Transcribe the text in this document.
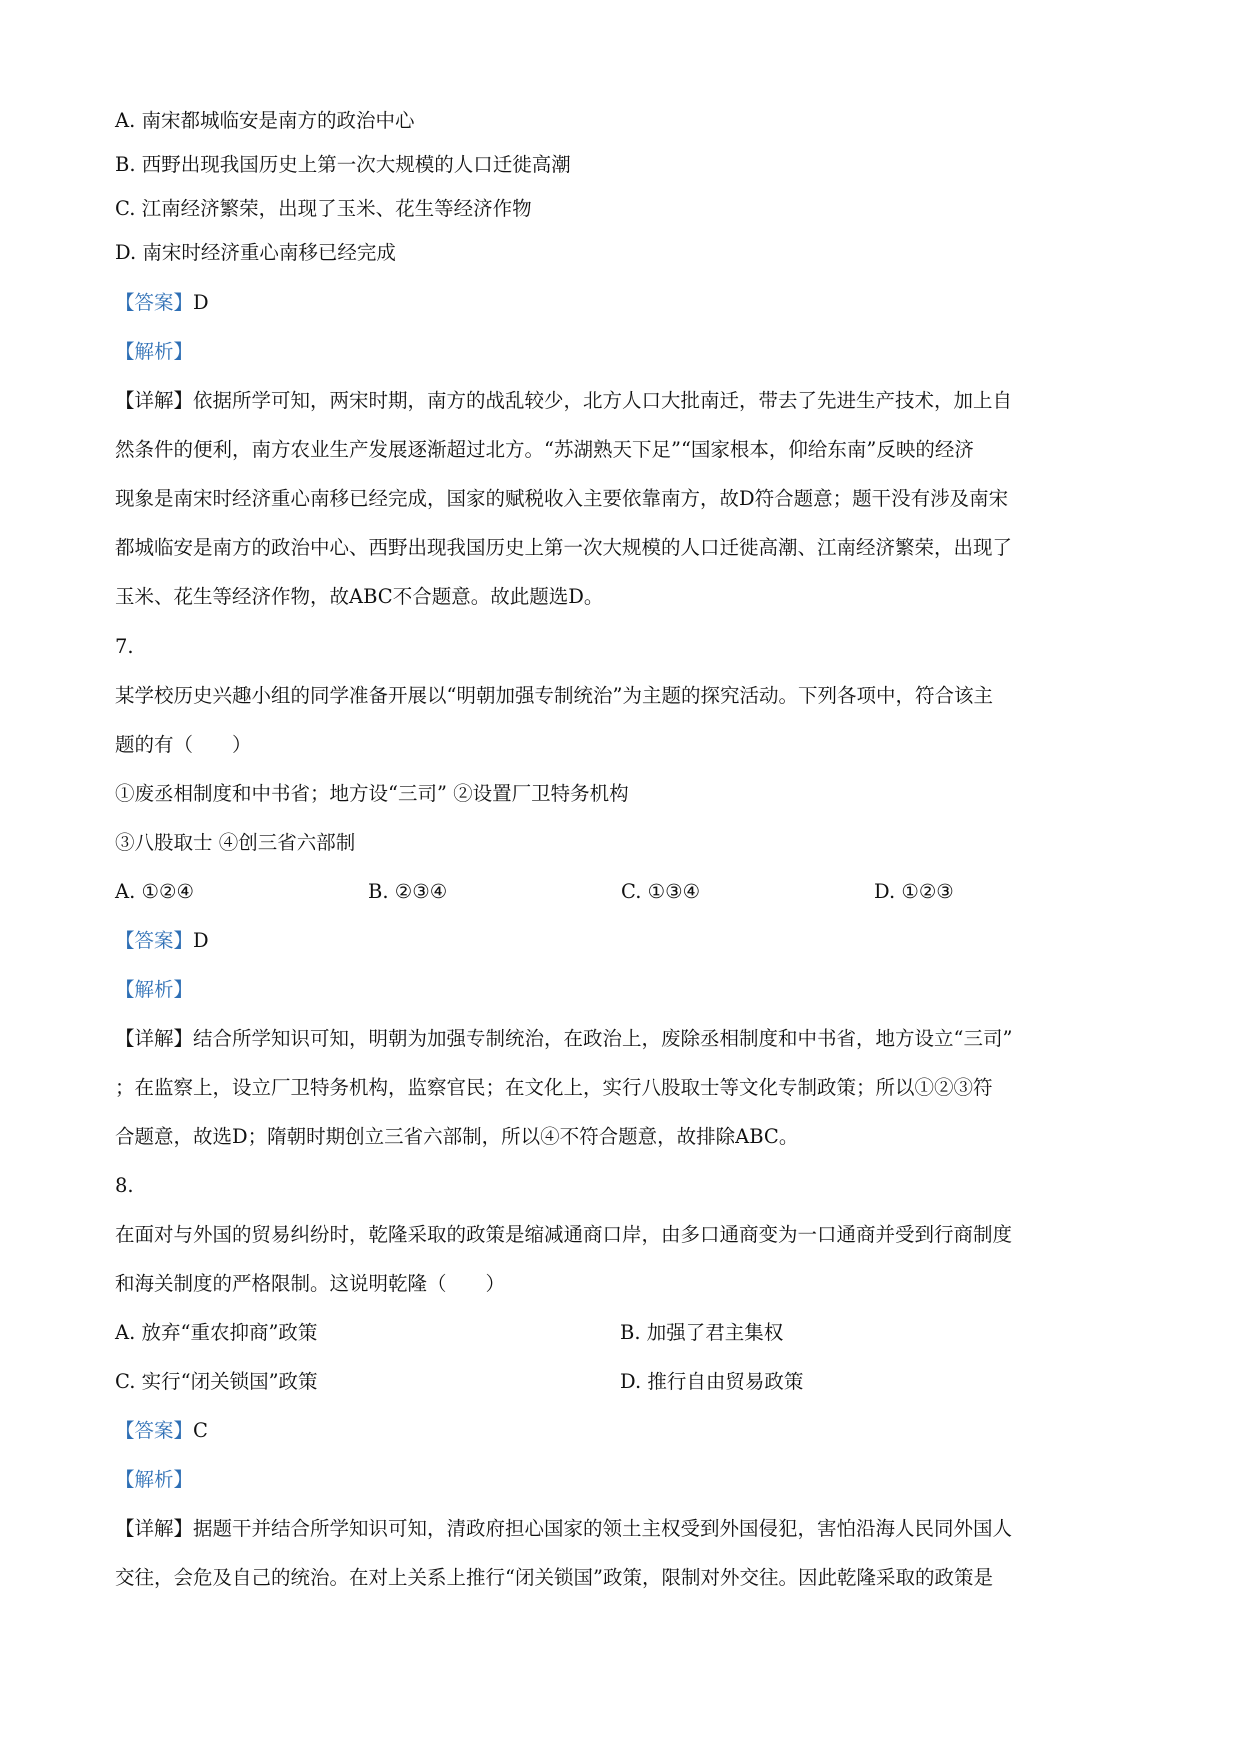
A. 南宋都城临安是南方的政治中心
B. 西野出现我国历史上第一次大规模的人口迁徙高潮
C. 江南经济繁荣，出现了玉米、花生等经济作物
D. 南宋时经济重心南移已经完成
【答案】D
【解析】
【详解】依据所学可知，两宋时期，南方的战乱较少，北方人口大批南迁，带去了先进生产技术，加上自
然条件的便利，南方农业生产发展逐渐超过北方。“苏湖熟天下足”“国家根本，仰给东南”反映的经济
现象是南宋时经济重心南移已经完成，国家的赋税收入主要依靠南方，故D符合题意；题干没有涉及南宋
都城临安是南方的政治中心、西野出现我国历史上第一次大规模的人口迁徙高潮、江南经济繁荣，出现了
玉米、花生等经济作物，故ABC不合题意。故此题选D。
7.
某学校历史兴趣小组的同学准备开展以“明朝加强专制统治”为主题的探究活动。下列各项中，符合该主
题的有（　　）
①废丞相制度和中书省；地方设“三司” ②设置厂卫特务机构
③八股取士 ④创三省六部制
A. ①②④	B. ②③④	C. ①③④	D. ①②③
【答案】D
【解析】
【详解】结合所学知识可知，明朝为加强专制统治，在政治上，废除丞相制度和中书省，地方设立“三司”
；在监察上，设立厂卫特务机构，监察官民；在文化上，实行八股取士等文化专制政策；所以①②③符
合题意，故选D；隋朝时期创立三省六部制，所以④不符合题意，故排除ABC。
8.
在面对与外国的贸易纠纷时，乾隆采取的政策是缩减通商口岸，由多口通商变为一口通商并受到行商制度
和海关制度的严格限制。这说明乾隆（　　）
A. 放弃“重农抑商”政策	B. 加强了君主集权
C. 实行“闭关锁国”政策	D. 推行自由贸易政策
【答案】C
【解析】
【详解】据题干并结合所学知识可知，清政府担心国家的领土主权受到外国侵犯，害怕沿海人民同外国人
交往，会危及自己的统治。在对上关系上推行“闭关锁国”政策，限制对外交往。因此乾隆采取的政策是
